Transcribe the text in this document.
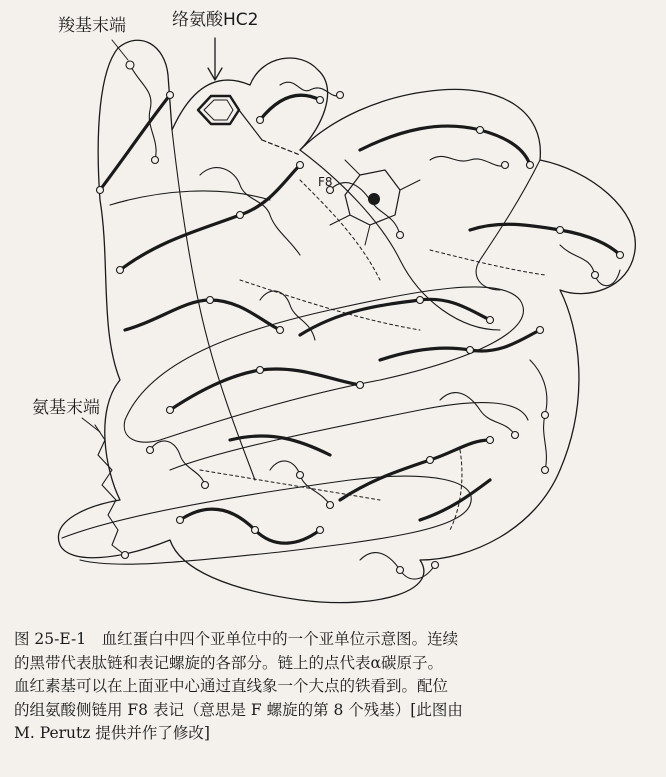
羧基末端	络氨酸HC2
F8
氨基末端
图 25-E-1　血红蛋白中四个亚单位中的一个亚单位示意图。连续
的黑带代表肽链和表记螺旋的各部分。链上的点代表α碳原子。
血红素基可以在上面亚中心通过直线象一个大点的铁看到。配位
的组氨酸侧链用 F8 表记（意思是 F 螺旋的第 8 个残基）[此图由
M. Perutz 提供并作了修改]
